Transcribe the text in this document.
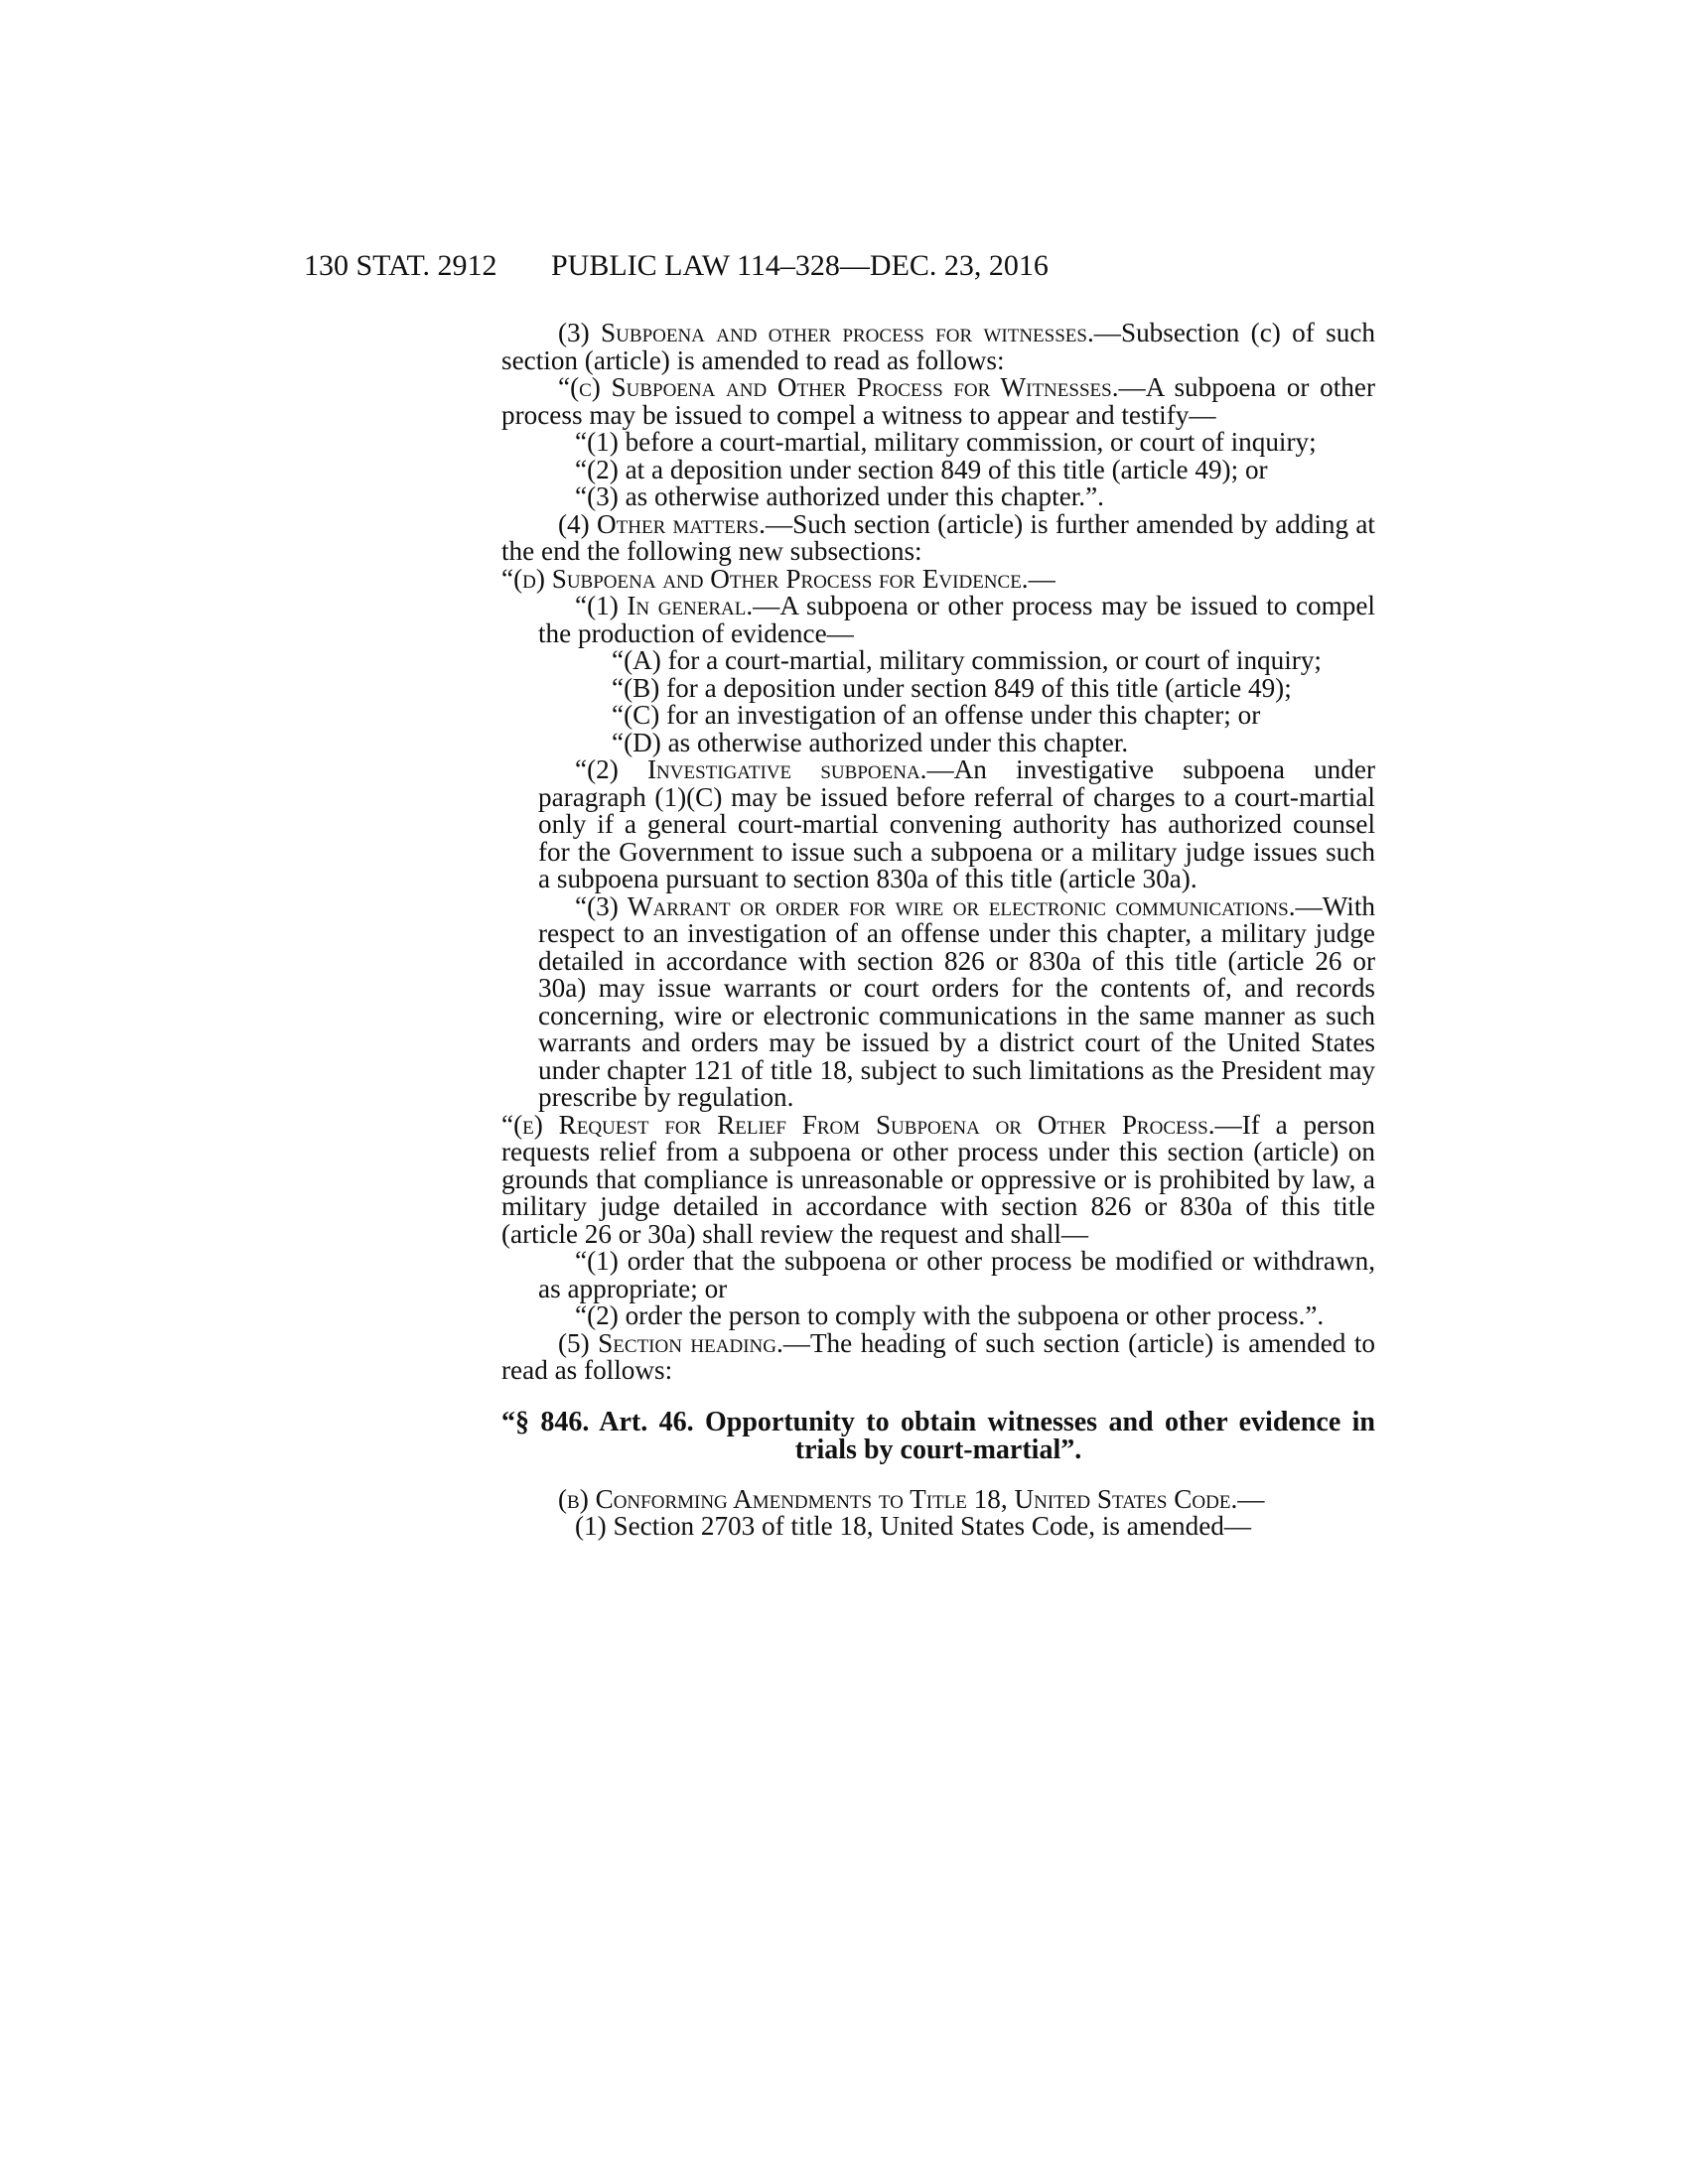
130 STAT. 2912 PUBLIC LAW 114–328—DEC. 23, 2016

(3) Subpoena and other process for witnesses.—Subsection (c) of such section (article) is amended to read as follows:

“(c) Subpoena and Other Process for Witnesses.—A subpoena or other process may be issued to compel a witness to appear and testify—

“(1) before a court-martial, military commission, or court of inquiry;

“(2) at a deposition under section 849 of this title (article 49); or

“(3) as otherwise authorized under this chapter.”.

(4) Other matters.—Such section (article) is further amended by adding at the end the following new subsections:

“(d) Subpoena and Other Process for Evidence.—

“(1) In general.—A subpoena or other process may be issued to compel the production of evidence—

“(A) for a court-martial, military commission, or court of inquiry;

“(B) for a deposition under section 849 of this title (article 49);

“(C) for an investigation of an offense under this chapter; or

“(D) as otherwise authorized under this chapter.

“(2) Investigative subpoena.—An investigative subpoena under paragraph (1)(C) may be issued before referral of charges to a court-martial only if a general court-martial convening authority has authorized counsel for the Government to issue such a subpoena or a military judge issues such a subpoena pursuant to section 830a of this title (article 30a).

“(3) Warrant or order for wire or electronic communications.—With respect to an investigation of an offense under this chapter, a military judge detailed in accordance with section 826 or 830a of this title (article 26 or 30a) may issue warrants or court orders for the contents of, and records concerning, wire or electronic communications in the same manner as such warrants and orders may be issued by a district court of the United States under chapter 121 of title 18, subject to such limitations as the President may prescribe by regulation.

“(e) Request for Relief From Subpoena or Other Process.—If a person requests relief from a subpoena or other process under this section (article) on grounds that compliance is unreasonable or oppressive or is prohibited by law, a military judge detailed in accordance with section 826 or 830a of this title (article 26 or 30a) shall review the request and shall—

“(1) order that the subpoena or other process be modified or withdrawn, as appropriate; or

“(2) order the person to comply with the subpoena or other process.”.

(5) Section heading.—The heading of such section (article) is amended to read as follows:

“§ 846. Art. 46. Opportunity to obtain witnesses and other evidence in trials by court-martial”.

(b) Conforming Amendments to Title 18, United States Code.—

(1) Section 2703 of title 18, United States Code, is amended—
